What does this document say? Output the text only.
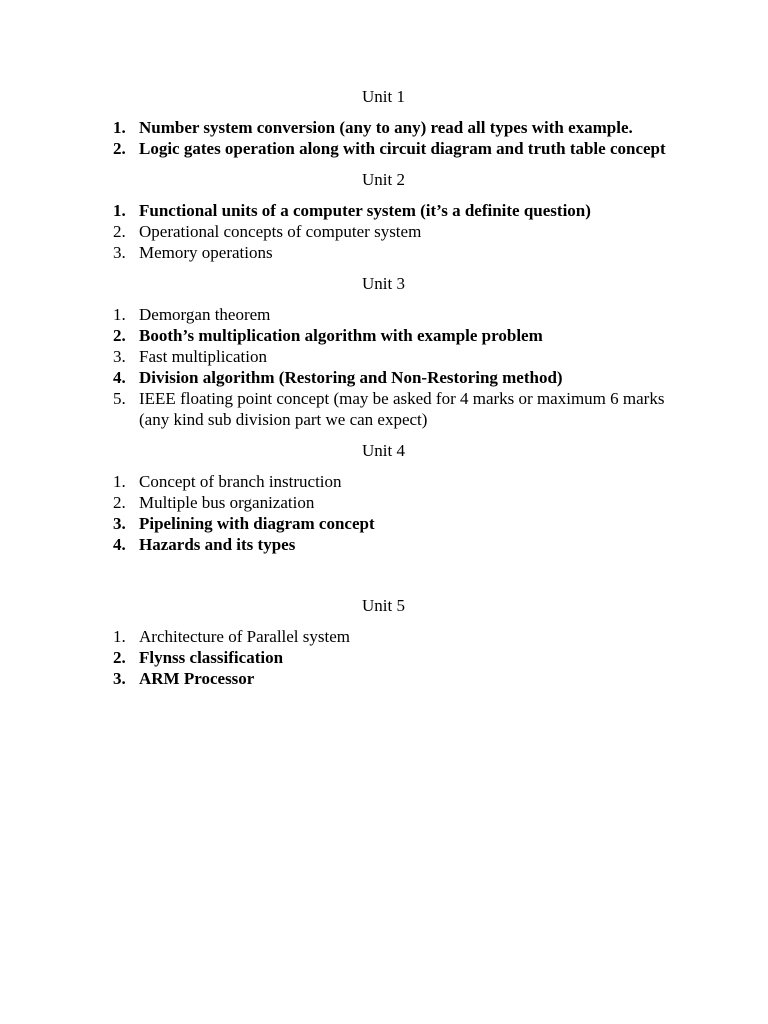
Unit 1
1. Number system conversion (any to any) read all types with example.
2. Logic gates operation along with circuit diagram and truth table concept
Unit 2
1. Functional units of a computer system (it’s a definite question)
2. Operational concepts of computer system
3. Memory operations
Unit 3
1. Demorgan theorem
2. Booth’s multiplication algorithm with example problem
3. Fast multiplication
4. Division algorithm (Restoring and Non-Restoring method)
5. IEEE floating point concept (may be asked for 4 marks or maximum 6 marks (any kind sub division part we can expect)
Unit 4
1. Concept of branch instruction
2. Multiple bus organization
3. Pipelining with diagram concept
4. Hazards and its types
Unit 5
1. Architecture of Parallel system
2. Flynss classification
3. ARM Processor
